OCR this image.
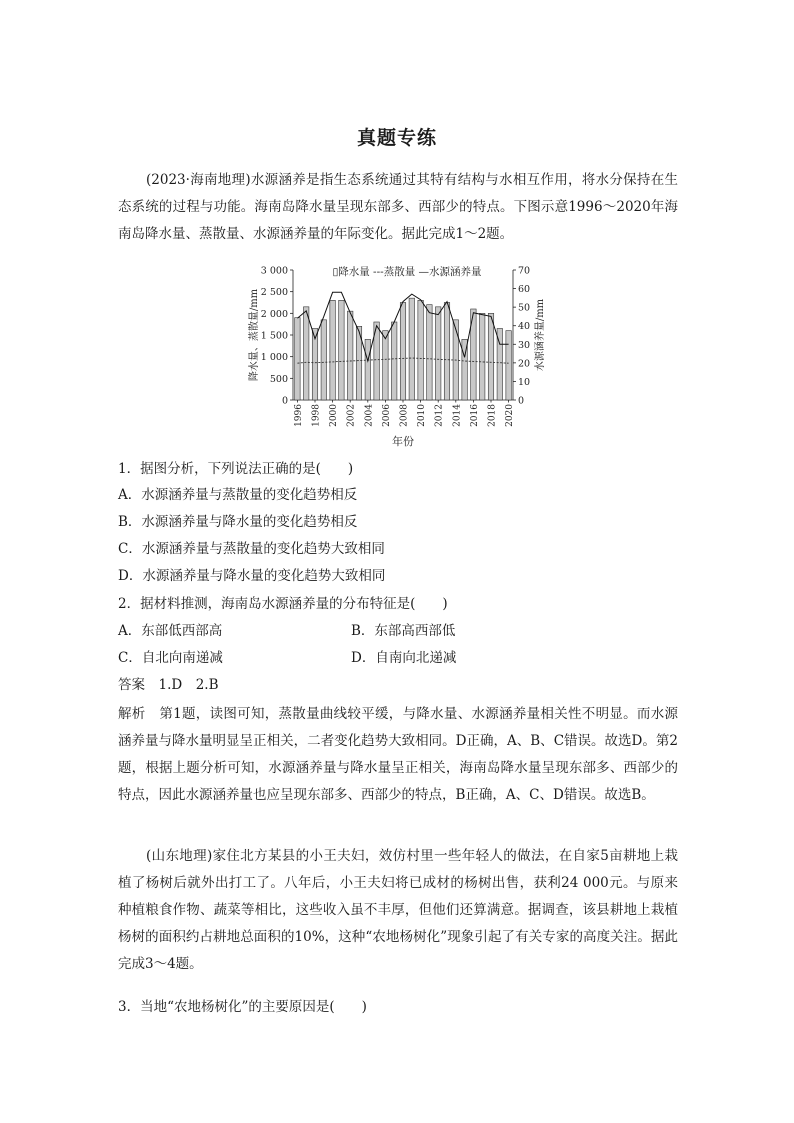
真题专练
(2023·海南地理)水源涵养是指生态系统通过其特有结构与水相互作用，将水分保持在生态系统的过程与功能。海南岛降水量呈现东部多、西部少的特点。下图示意1996～2020年海南岛降水量、蒸散量、水源涵养量的年际变化。据此完成1～2题。
0
500
1 000
1 500
2 000
2 500
3 000
0
10
20
30
40
50
60
70
1996 1998 2000 2002 2004 2006 2008 2010 2012 2014 2016 2018 2020
年份
降水量、蒸散量/mm	水源涵养量/mm
▯降水量 ---蒸散量 —水源涵养量
1．据图分析，下列说法正确的是(　　)
A．水源涵养量与蒸散量的变化趋势相反
B．水源涵养量与降水量的变化趋势相反
C．水源涵养量与蒸散量的变化趋势大致相同
D．水源涵养量与降水量的变化趋势大致相同
2．据材料推测，海南岛水源涵养量的分布特征是(　　)
A．东部低西部高	B．东部高西部低
C．自北向南递减	D．自南向北递减
答案　1.D　2.B
解析　第1题，读图可知，蒸散量曲线较平缓，与降水量、水源涵养量相关性不明显。而水源涵养量与降水量明显呈正相关，二者变化趋势大致相同。D正确，A、B、C错误。故选D。第2题，根据上题分析可知，水源涵养量与降水量呈正相关，海南岛降水量呈现东部多、西部少的特点，因此水源涵养量也应呈现东部多、西部少的特点，B正确，A、C、D错误。故选B。
(山东地理)家住北方某县的小王夫妇，效仿村里一些年轻人的做法，在自家5亩耕地上栽植了杨树后就外出打工了。八年后，小王夫妇将已成材的杨树出售，获利24 000元。与原来种植粮食作物、蔬菜等相比，这些收入虽不丰厚，但他们还算满意。据调查，该县耕地上栽植杨树的面积约占耕地总面积的10%，这种“农地杨树化”现象引起了有关专家的高度关注。据此完成3～4题。
3．当地“农地杨树化”的主要原因是(　　)
